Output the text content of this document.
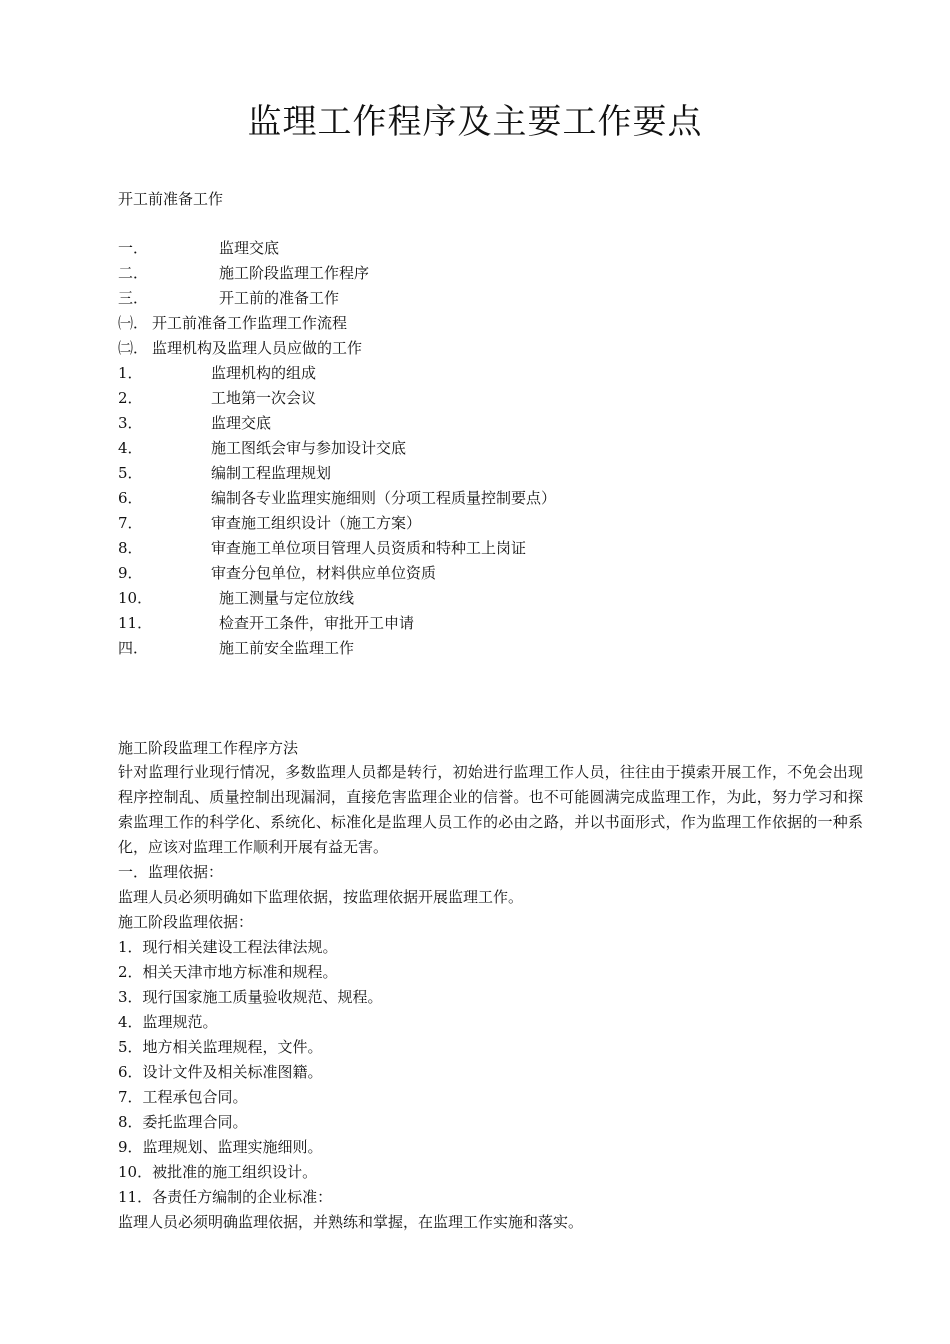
监理工作程序及主要工作要点
开工前准备工作
一．	监理交底
二．	施工阶段监理工作程序
三．	开工前的准备工作
㈠． 开工前准备工作监理工作流程
㈡． 监理机构及监理人员应做的工作
1．	监理机构的组成
2．	工地第一次会议
3．	监理交底
4．	施工图纸会审与参加设计交底
5．	编制工程监理规划
6．	编制各专业监理实施细则（分项工程质量控制要点）
7．	审查施工组织设计（施工方案）
8．	审查施工单位项目管理人员资质和特种工上岗证
9．	审查分包单位，材料供应单位资质
10．	施工测量与定位放线
11．	检查开工条件，审批开工申请
四．	施工前安全监理工作
施工阶段监理工作程序方法
针对监理行业现行情况，多数监理人员都是转行，初始进行监理工作人员，往往由于摸索开展工作，不免会出现程序控制乱、质量控制出现漏洞，直接危害监理企业的信誉。也不可能圆满完成监理工作，为此，努力学习和探索监理工作的科学化、系统化、标准化是监理人员工作的必由之路，并以书面形式，作为监理工作依据的一种系化，应该对监理工作顺利开展有益无害。
一．监理依据：
监理人员必须明确如下监理依据，按监理依据开展监理工作。
施工阶段监理依据：
1．现行相关建设工程法律法规。
2．相关天津市地方标准和规程。
3．现行国家施工质量验收规范、规程。
4．监理规范。
5．地方相关监理规程，文件。
6．设计文件及相关标准图籍。
7．工程承包合同。
8．委托监理合同。
9．监理规划、监理实施细则。
10．被批准的施工组织设计。
11．各责任方编制的企业标准：
监理人员必须明确监理依据，并熟练和掌握，在监理工作实施和落实。
